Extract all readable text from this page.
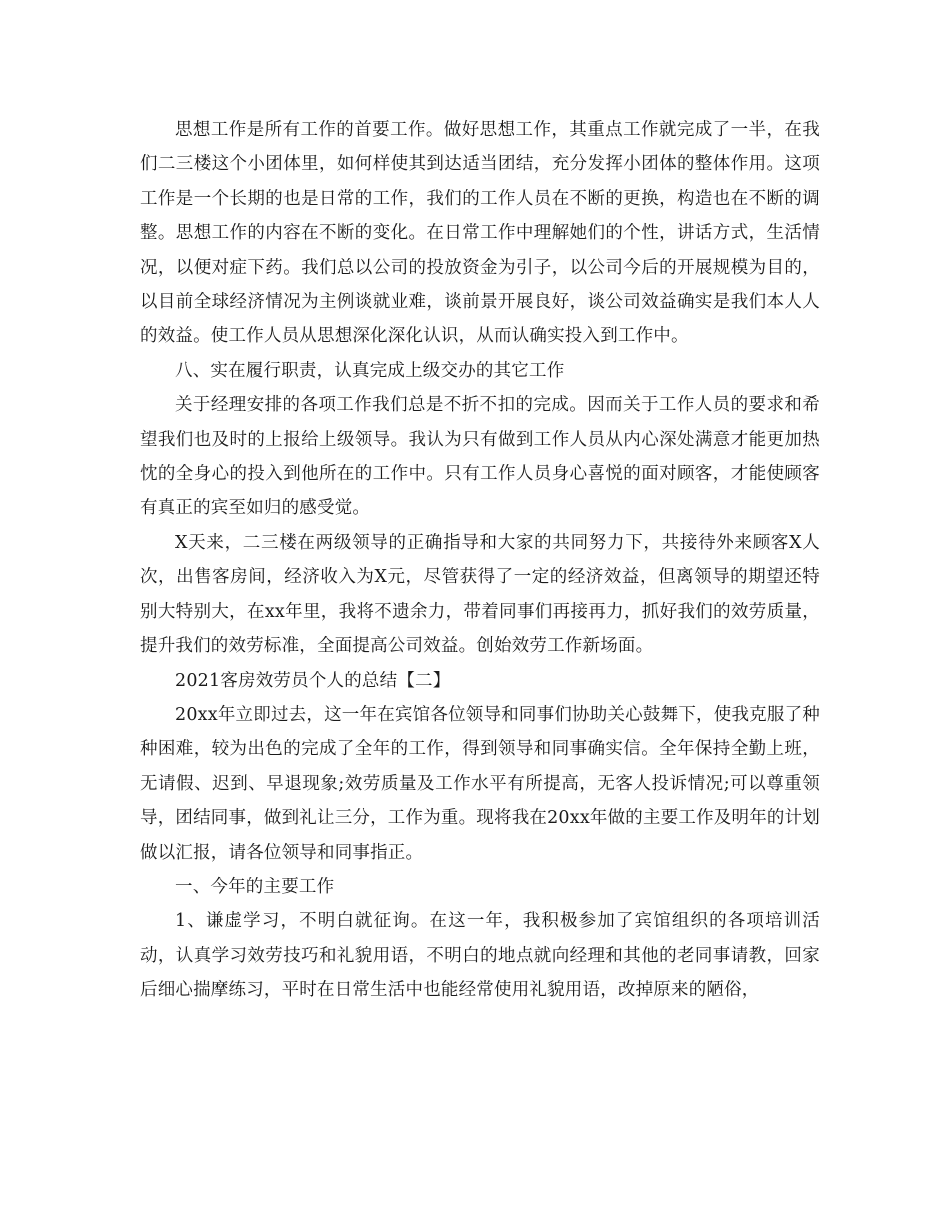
思想工作是所有工作的首要工作。做好思想工作，其重点工作就完成了一半，在我们二三楼这个小团体里，如何样使其到达适当团结，充分发挥小团体的整体作用。这项工作是一个长期的也是日常的工作，我们的工作人员在不断的更换，构造也在不断的调整。思想工作的内容在不断的变化。在日常工作中理解她们的个性，讲话方式，生活情况，以便对症下药。我们总以公司的投放资金为引子，以公司今后的开展规模为目的，以目前全球经济情况为主例谈就业难，谈前景开展良好，谈公司效益确实是我们本人人的效益。使工作人员从思想深化深化认识，从而认确实投入到工作中。

八、实在履行职责，认真完成上级交办的其它工作

关于经理安排的各项工作我们总是不折不扣的完成。因而关于工作人员的要求和希望我们也及时的上报给上级领导。我认为只有做到工作人员从内心深处满意才能更加热忱的全身心的投入到他所在的工作中。只有工作人员身心喜悦的面对顾客，才能使顾客有真正的宾至如归的感受觉。

X天来，二三楼在两级领导的正确指导和大家的共同努力下，共接待外来顾客X人次，出售客房间，经济收入为X元，尽管获得了一定的经济效益，但离领导的期望还特别大特别大，在xx年里，我将不遗余力，带着同事们再接再力，抓好我们的效劳质量，提升我们的效劳标准，全面提高公司效益。创始效劳工作新场面。

2021客房效劳员个人的总结【二】

20xx年立即过去，这一年在宾馆各位领导和同事们协助关心鼓舞下，使我克服了种种困难，较为出色的完成了全年的工作，得到领导和同事确实信。全年保持全勤上班，无请假、迟到、早退现象;效劳质量及工作水平有所提高，无客人投诉情况;可以尊重领导，团结同事，做到礼让三分，工作为重。现将我在20xx年做的主要工作及明年的计划做以汇报，请各位领导和同事指正。

一、今年的主要工作

1、谦虚学习，不明白就征询。在这一年，我积极参加了宾馆组织的各项培训活动，认真学习效劳技巧和礼貌用语，不明白的地点就向经理和其他的老同事请教，回家后细心揣摩练习，平时在日常生活中也能经常使用礼貌用语，改掉原来的陋俗，
